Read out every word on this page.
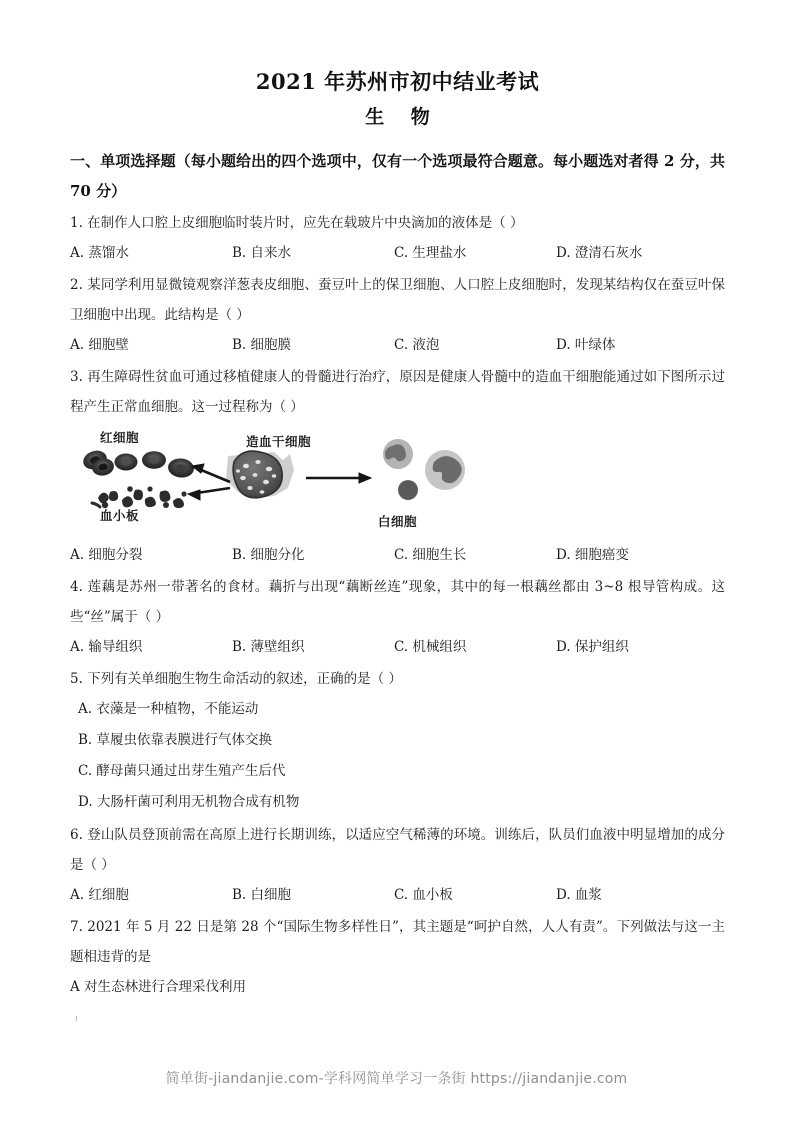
2021 年苏州市初中结业考试
生 物
一、单项选择题（每小题给出的四个选项中，仅有一个选项最符合题意。每小题选对者得 2 分，共 70 分）
1. 在制作人口腔上皮细胞临时装片时，应先在载玻片中央滴加的液体是（ ）
A. 蒸馏水	B. 自来水	C. 生理盐水	D. 澄清石灰水
2. 某同学利用显微镜观察洋葱表皮细胞、蚕豆叶上的保卫细胞、人口腔上皮细胞时，发现某结构仅在蚕豆叶保卫细胞中出现。此结构是（ ）
A. 细胞壁	B. 细胞膜	C. 液泡	D. 叶绿体
3. 再生障碍性贫血可通过移植健康人的骨髓进行治疗，原因是健康人骨髓中的造血干细胞能通过如下图所示过程产生正常血细胞。这一过程称为（ ）
红细胞
血小板
造血干细胞
白细胞
A. 细胞分裂	B. 细胞分化	C. 细胞生长	D. 细胞癌变
4. 莲藕是苏州一带著名的食材。藕折与出现“藕断丝连”现象，其中的每一根藕丝都由 3~8 根导管构成。这些“丝”属于（ ）
A. 输导组织	B. 薄壁组织	C. 机械组织	D. 保护组织
5. 下列有关单细胞生物生命活动的叙述，正确的是（ ）
A. 衣藻是一种植物，不能运动
B. 草履虫依靠表膜进行气体交换
C. 酵母菌只通过出芽生殖产生后代
D. 大肠杆菌可利用无机物合成有机物
6. 登山队员登顶前需在高原上进行长期训练，以适应空气稀薄的环境。训练后，队员们血液中明显增加的成分是（ ）
A. 红细胞	B. 白细胞	C. 血小板	D. 血浆
7. 2021 年 5 月 22 日是第 28 个“国际生物多样性日”，其主题是“呵护自然，人人有责”。下列做法与这一主题相违背的是
A 对生态林进行合理采伐利用
简单街-jiandanjie.com-学科网简单学习一条街 https://jiandanjie.com
